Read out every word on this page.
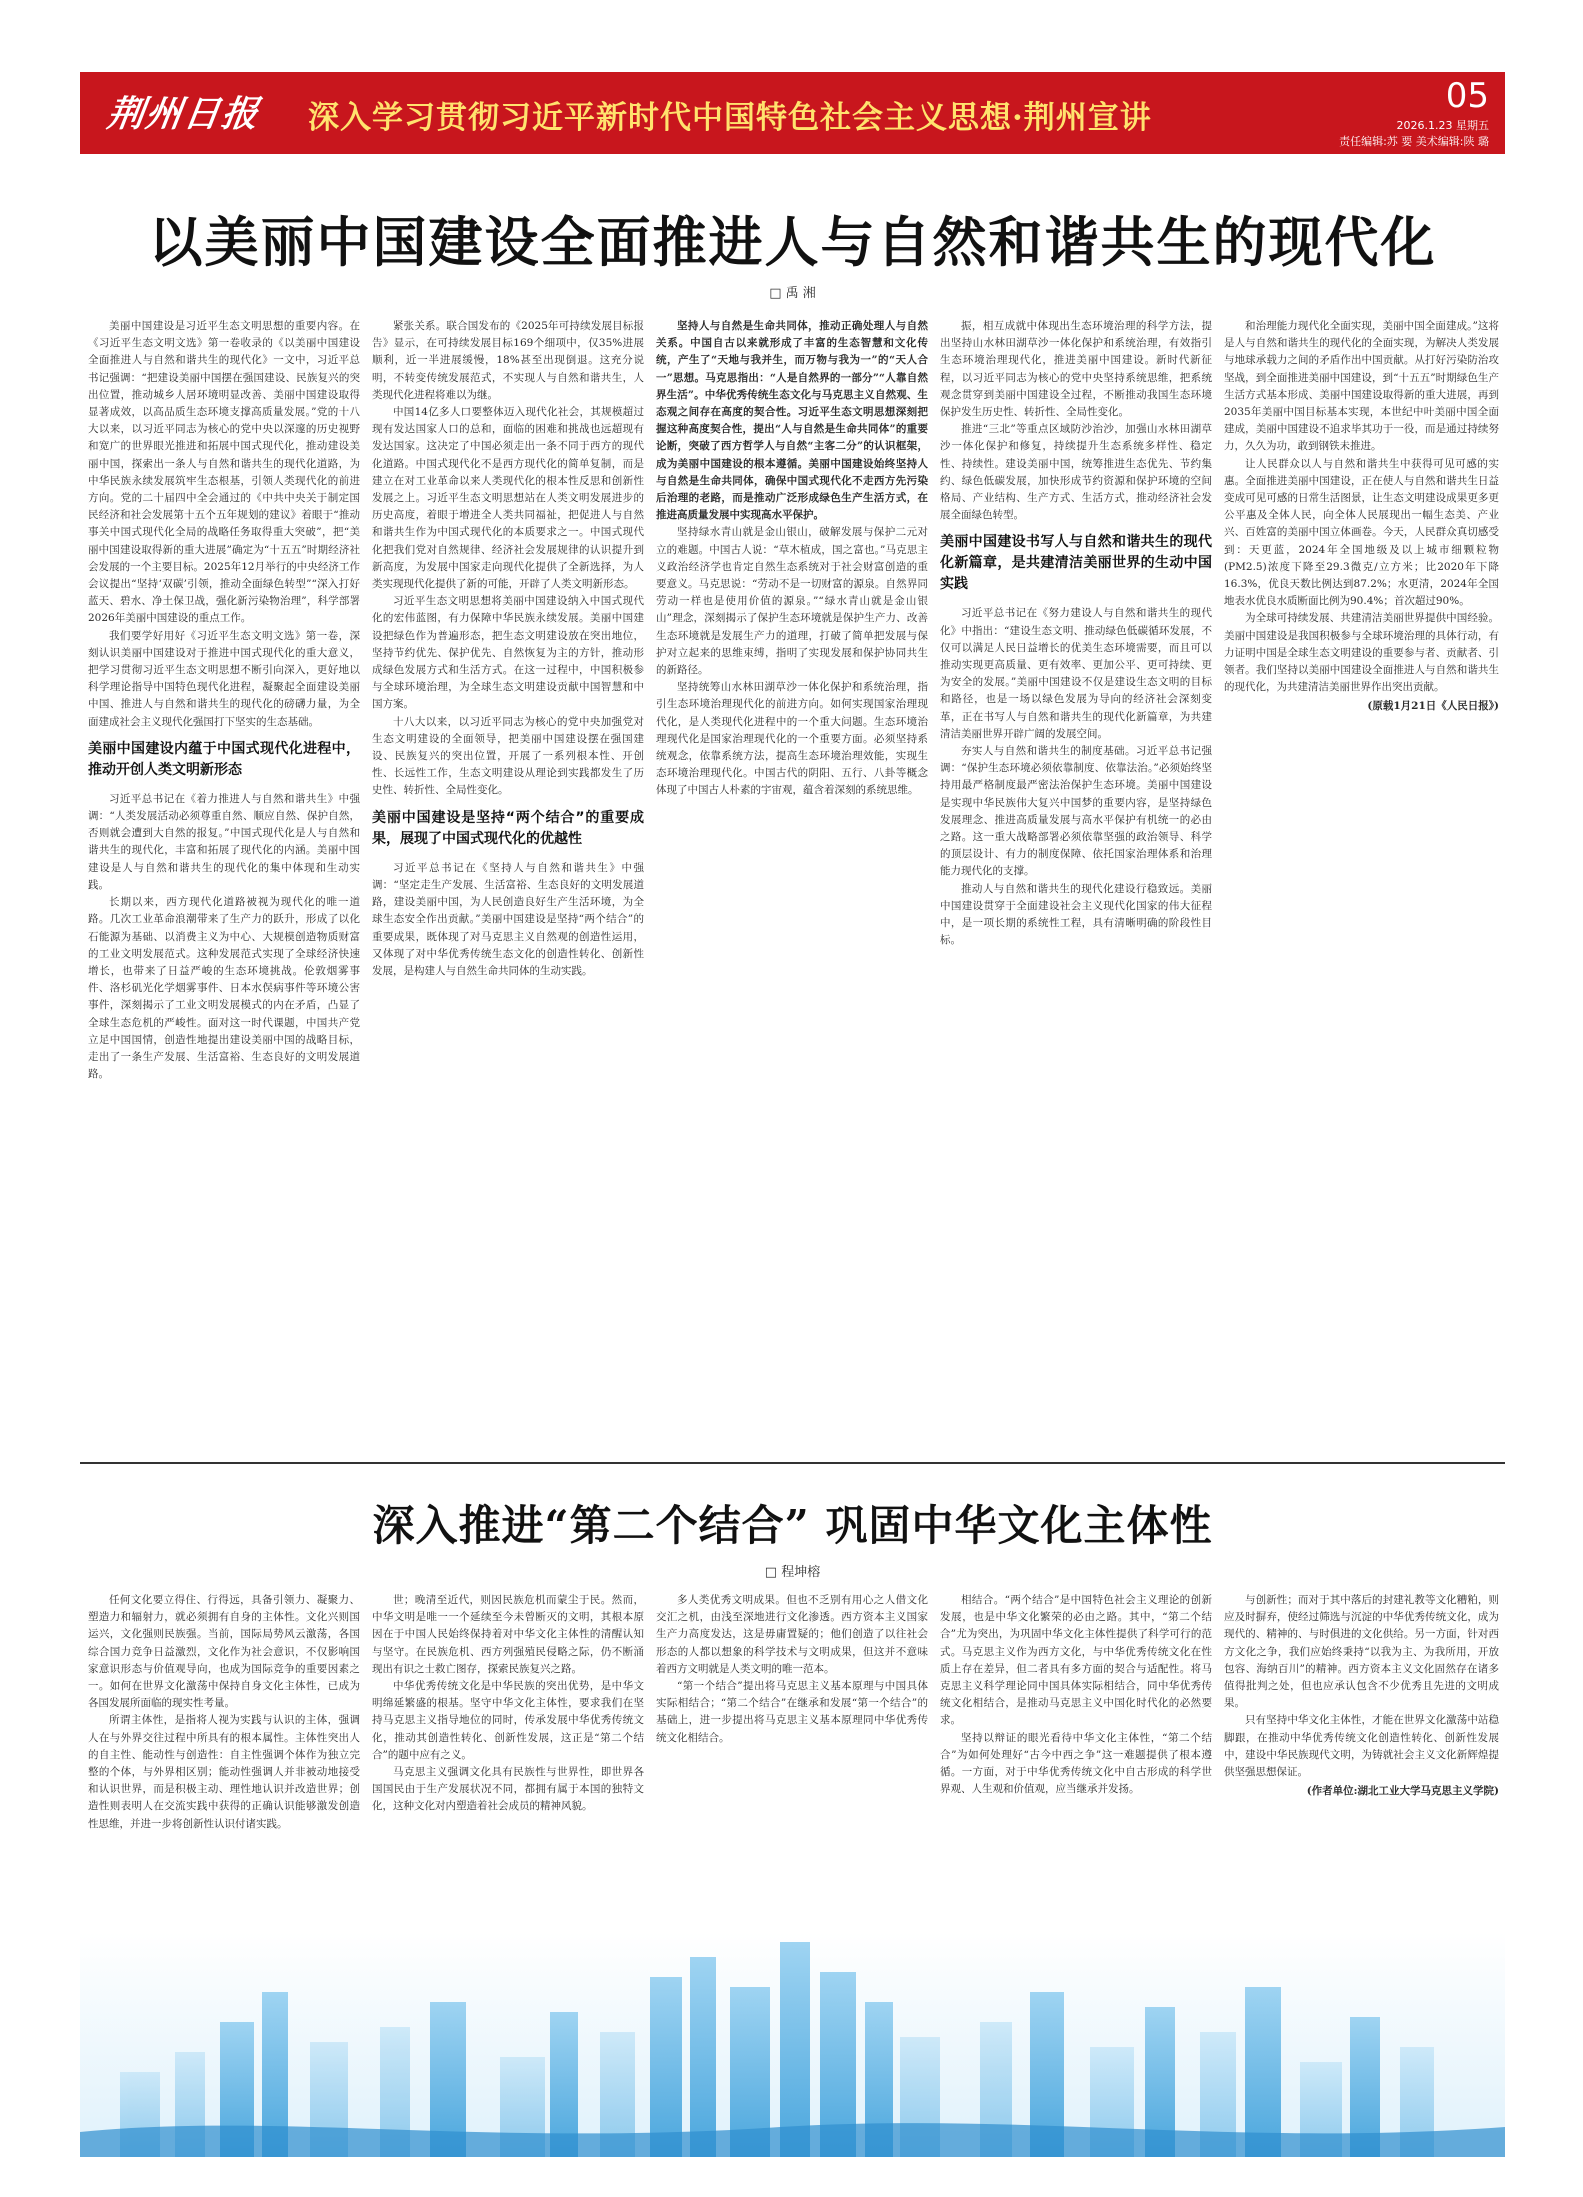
荆州日报 深入学习贯彻习近平新时代中国特色社会主义思想·荆州宣讲
05
2026.1.23 星期五
责任编辑:苏 要 美术编辑:陕 璐
以美丽中国建设全面推进人与自然和谐共生的现代化
□ 禹 湘

美丽中国建设是习近平生态文明思想的重要内容。在《习近平生态文明文选》第一卷收录的《以美丽中国建设全面推进人与自然和谐共生的现代化》一文中，习近平总书记强调：“把建设美丽中国摆在强国建设、民族复兴的突出位置，推动城乡人居环境明显改善、美丽中国建设取得显著成效，以高品质生态环境支撑高质量发展。”党的十八大以来，以习近平同志为核心的党中央以深邃的历史视野和宽广的世界眼光推进和拓展中国式现代化，推动建设美丽中国，探索出一条人与自然和谐共生的现代化道路，为中华民族永续发展筑牢生态根基，引领人类现代化的前进方向。党的二十届四中全会通过的《中共中央关于制定国民经济和社会发展第十五个五年规划的建议》着眼于“推动事关中国式现代化全局的战略任务取得重大突破”，把“美丽中国建设取得新的重大进展”确定为“十五五”时期经济社会发展的一个主要目标。2025年12月举行的中央经济工作会议提出“坚持‘双碳’引领，推动全面绿色转型”“深入打好蓝天、碧水、净土保卫战，强化新污染物治理”，科学部署2026年美丽中国建设的重点工作。

我们要学好用好《习近平生态文明文选》第一卷，深刻认识美丽中国建设对于推进中国式现代化的重大意义，把学习贯彻习近平生态文明思想不断引向深入，更好地以科学理论指导中国特色现代化进程，凝聚起全面建设美丽中国、推进人与自然和谐共生的现代化的磅礴力量，为全面建成社会主义现代化强国打下坚实的生态基础。

美丽中国建设内蕴于中国式现代化进程中，推动开创人类文明新形态

习近平总书记在《着力推进人与自然和谐共生》中强调：“人类发展活动必须尊重自然、顺应自然、保护自然，否则就会遭到大自然的报复。”中国式现代化是人与自然和谐共生的现代化，丰富和拓展了现代化的内涵。美丽中国建设是人与自然和谐共生的现代化的集中体现和生动实践。

长期以来，西方现代化道路被视为现代化的唯一道路。几次工业革命浪潮带来了生产力的跃升，形成了以化石能源为基础、以消费主义为中心、大规模创造物质财富的工业文明发展范式。这种发展范式实现了全球经济快速增长，也带来了日益严峻的生态环境挑战。伦敦烟雾事件、洛杉矶光化学烟雾事件、日本水俣病事件等环境公害事件，深刻揭示了工业文明发展模式的内在矛盾，凸显了全球生态危机的严峻性。面对这一时代课题，中国共产党立足中国国情，创造性地提出建设美丽中国的战略目标，走出了一条生产发展、生活富裕、生态良好的文明发展道路。

紧张关系。联合国发布的《2025年可持续发展目标报告》显示，在可持续发展目标169个细项中，仅35%进展顺利，近一半进展缓慢，18%甚至出现倒退。这充分说明，不转变传统发展范式，不实现人与自然和谐共生，人类现代化进程将难以为继。

中国14亿多人口要整体迈入现代化社会，其规模超过现有发达国家人口的总和，面临的困难和挑战也远超现有发达国家。这决定了中国必须走出一条不同于西方的现代化道路。中国式现代化不是西方现代化的简单复制，而是建立在对工业革命以来人类现代化的根本性反思和创新性发展之上。习近平生态文明思想站在人类文明发展进步的历史高度，着眼于增进全人类共同福祉，把促进人与自然和谐共生作为中国式现代化的本质要求之一。中国式现代化把我们党对自然规律、经济社会发展规律的认识提升到新高度，为发展中国家走向现代化提供了全新选择，为人类实现现代化提供了新的可能，开辟了人类文明新形态。

习近平生态文明思想将美丽中国建设纳入中国式现代化的宏伟蓝图，有力保障中华民族永续发展。美丽中国建设把绿色作为普遍形态，把生态文明建设放在突出地位，坚持节约优先、保护优先、自然恢复为主的方针，推动形成绿色发展方式和生活方式。在这一过程中，中国积极参与全球环境治理，为全球生态文明建设贡献中国智慧和中国方案。

十八大以来，以习近平同志为核心的党中央加强党对生态文明建设的全面领导，把美丽中国建设摆在强国建设、民族复兴的突出位置，开展了一系列根本性、开创性、长远性工作，生态文明建设从理论到实践都发生了历史性、转折性、全局性变化。

美丽中国建设是坚持“两个结合”的重要成果，展现了中国式现代化的优越性

习近平总书记在《坚持人与自然和谐共生》中强调：“坚定走生产发展、生活富裕、生态良好的文明发展道路，建设美丽中国，为人民创造良好生产生活环境，为全球生态安全作出贡献。”美丽中国建设是坚持“两个结合”的重要成果，既体现了对马克思主义自然观的创造性运用，又体现了对中华优秀传统生态文化的创造性转化、创新性发展，是构建人与自然生命共同体的生动实践。

坚持人与自然是生命共同体，推动正确处理人与自然关系。中国自古以来就形成了丰富的生态智慧和文化传统，产生了“天地与我并生，而万物与我为一”的“天人合一”思想。马克思指出：“人是自然界的一部分”“人靠自然界生活”。中华优秀传统生态文化与马克思主义自然观、生态观之间存在高度的契合性。习近平生态文明思想深刻把握这种高度契合性，提出“人与自然是生命共同体”的重要论断，突破了西方哲学人与自然“主客二分”的认识框架，成为美丽中国建设的根本遵循。美丽中国建设始终坚持人与自然是生命共同体，确保中国式现代化不走西方先污染后治理的老路，而是推动广泛形成绿色生产生活方式，在推进高质量发展中实现高水平保护。

坚持绿水青山就是金山银山，破解发展与保护二元对立的难题。中国古人说：“草木植成，国之富也。”马克思主义政治经济学也肯定自然生态系统对于社会财富创造的重要意义。马克思说：“劳动不是一切财富的源泉。自然界同劳动一样也是使用价值的源泉。”“绿水青山就是金山银山”理念，深刻揭示了保护生态环境就是保护生产力、改善生态环境就是发展生产力的道理，打破了简单把发展与保护对立起来的思维束缚，指明了实现发展和保护协同共生的新路径。

坚持统筹山水林田湖草沙一体化保护和系统治理，指引生态环境治理现代化的前进方向。如何实现国家治理现代化，是人类现代化进程中的一个重大问题。生态环境治理现代化是国家治理现代化的一个重要方面。必须坚持系统观念，依靠系统方法，提高生态环境治理效能，实现生态环境治理现代化。中国古代的阴阳、五行、八卦等概念体现了中国古人朴素的宇宙观，蕴含着深刻的系统思维。

振，相互成就中体现出生态环境治理的科学方法，提出坚持山水林田湖草沙一体化保护和系统治理，有效指引生态环境治理现代化，推进美丽中国建设。新时代新征程，以习近平同志为核心的党中央坚持系统思维，把系统观念贯穿到美丽中国建设全过程，不断推动我国生态环境保护发生历史性、转折性、全局性变化。

推进“三北”等重点区域防沙治沙，加强山水林田湖草沙一体化保护和修复，持续提升生态系统多样性、稳定性、持续性。建设美丽中国，统筹推进生态优先、节约集约、绿色低碳发展，加快形成节约资源和保护环境的空间格局、产业结构、生产方式、生活方式，推动经济社会发展全面绿色转型。

美丽中国建设书写人与自然和谐共生的现代化新篇章，是共建清洁美丽世界的生动中国实践

习近平总书记在《努力建设人与自然和谐共生的现代化》中指出：“建设生态文明、推动绿色低碳循环发展，不仅可以满足人民日益增长的优美生态环境需要，而且可以推动实现更高质量、更有效率、更加公平、更可持续、更为安全的发展。”美丽中国建设不仅是建设生态文明的目标和路径，也是一场以绿色发展为导向的经济社会深刻变革，正在书写人与自然和谐共生的现代化新篇章，为共建清洁美丽世界开辟广阔的发展空间。

夯实人与自然和谐共生的制度基础。习近平总书记强调：“保护生态环境必须依靠制度、依靠法治。”必须始终坚持用最严格制度最严密法治保护生态环境。美丽中国建设是实现中华民族伟大复兴中国梦的重要内容，是坚持绿色发展理念、推进高质量发展与高水平保护有机统一的必由之路。这一重大战略部署必须依靠坚强的政治领导、科学的顶层设计、有力的制度保障、依托国家治理体系和治理能力现代化的支撑。

推动人与自然和谐共生的现代化建设行稳致远。美丽中国建设贯穿于全面建设社会主义现代化国家的伟大征程中，是一项长期的系统性工程，具有清晰明确的阶段性目标。

和治理能力现代化全面实现，美丽中国全面建成。”这将是人与自然和谐共生的现代化的全面实现，为解决人类发展与地球承载力之间的矛盾作出中国贡献。从打好污染防治攻坚战，到全面推进美丽中国建设，到“十五五”时期绿色生产生活方式基本形成、美丽中国建设取得新的重大进展，再到2035年美丽中国目标基本实现，本世纪中叶美丽中国全面建成，美丽中国建设不追求毕其功于一役，而是通过持续努力，久久为功，敢到钢铁未推进。

让人民群众以人与自然和谐共生中获得可见可感的实惠。全面推进美丽中国建设，正在使人与自然和谐共生日益变成可见可感的日常生活图景，让生态文明建设成果更多更公平惠及全体人民，向全体人民展现出一幅生态美、产业兴、百姓富的美丽中国立体画卷。今天，人民群众真切感受到：天更蓝，2024年全国地级及以上城市细颗粒物(PM2.5)浓度下降至29.3微克/立方米；比2020年下降16.3%，优良天数比例达到87.2%；水更清，2024年全国地表水优良水质断面比例为90.4%；首次超过90%。

为全球可持续发展、共建清洁美丽世界提供中国经验。美丽中国建设是我国积极参与全球环境治理的具体行动，有力证明中国是全球生态文明建设的重要参与者、贡献者、引领者。我们坚持以美丽中国建设全面推进人与自然和谐共生的现代化，为共建清洁美丽世界作出突出贡献。

(原载1月21日《人民日报》)

深入推进“第二个结合” 巩固中华文化主体性
□ 程坤榕

任何文化要立得住、行得远，具备引领力、凝聚力、塑造力和辐射力，就必须拥有自身的主体性。文化兴则国运兴，文化强则民族强。当前，国际局势风云激荡，各国综合国力竞争日益激烈，文化作为社会意识，不仅影响国家意识形态与价值观导向，也成为国际竞争的重要因素之一。如何在世界文化激荡中保持自身文化主体性，已成为各国发展所面临的现实性考量。

所谓主体性，是指将人视为实践与认识的主体，强调人在与外界交往过程中所具有的根本属性。主体性突出人的自主性、能动性与创造性：自主性强调个体作为独立完整的个体，与外界相区别；能动性强调人并非被动地接受和认识世界，而是积极主动、理性地认识并改造世界；创造性则表明人在交流实践中获得的正确认识能够激发创造性思维，并进一步将创新性认识付诸实践。

世；晚清至近代，则因民族危机而蒙尘于民。然而，中华文明是唯一一个延续至今未曾断灭的文明，其根本原因在于中国人民始终保持着对中华文化主体性的清醒认知与坚守。在民族危机、西方列强殖民侵略之际，仍不断涌现出有识之士救亡图存，探索民族复兴之路。

中华优秀传统文化是中华民族的突出优势，是中华文明绵延繁盛的根基。坚守中华文化主体性，要求我们在坚持马克思主义指导地位的同时，传承发展中华优秀传统文化，推动其创造性转化、创新性发展，这正是“第二个结合”的题中应有之义。

马克思主义强调文化具有民族性与世界性，即世界各国国民由于生产发展状况不同，都拥有属于本国的独特文化，这种文化对内塑造着社会成员的精神风貌。

多人类优秀文明成果。但也不乏别有用心之人借文化交汇之机，由浅至深地进行文化渗透。西方资本主义国家生产力高度发达，这是毋庸置疑的；他们创造了以往社会形态的人都以想象的科学技术与文明成果，但这并不意味着西方文明就是人类文明的唯一范本。

“第一个结合”提出将马克思主义基本原理与中国具体实际相结合；“第二个结合”在继承和发展“第一个结合”的基础上，进一步提出将马克思主义基本原理同中华优秀传统文化相结合。

相结合。“两个结合”是中国特色社会主义理论的创新发展，也是中华文化繁荣的必由之路。其中，“第二个结合”尤为突出，为巩固中华文化主体性提供了科学可行的范式。马克思主义作为西方文化，与中华优秀传统文化在性质上存在差异，但二者具有多方面的契合与适配性。将马克思主义科学理论同中国具体实际相结合，同中华优秀传统文化相结合，是推动马克思主义中国化时代化的必然要求。

坚持以辩证的眼光看待中华文化主体性，“第二个结合”为如何处理好“古今中西之争”这一难题提供了根本遵循。一方面，对于中华优秀传统文化中自古形成的科学世界观、人生观和价值观，应当继承并发扬。

与创新性；而对于其中落后的封建礼教等文化糟粕，则应及时摒弃，使经过筛选与沉淀的中华优秀传统文化，成为现代的、精神的、与时俱进的文化供给。另一方面，针对西方文化之争，我们应始终秉持“以我为主、为我所用，开放包容、海纳百川”的精神。西方资本主义文化固然存在诸多值得批判之处，但也应承认包含不少优秀且先进的文明成果。

只有坚持中华文化主体性，才能在世界文化激荡中站稳脚跟，在推动中华优秀传统文化创造性转化、创新性发展中，建设中华民族现代文明，为铸就社会主义文化新辉煌提供坚强思想保证。

(作者单位:湖北工业大学马克思主义学院)
